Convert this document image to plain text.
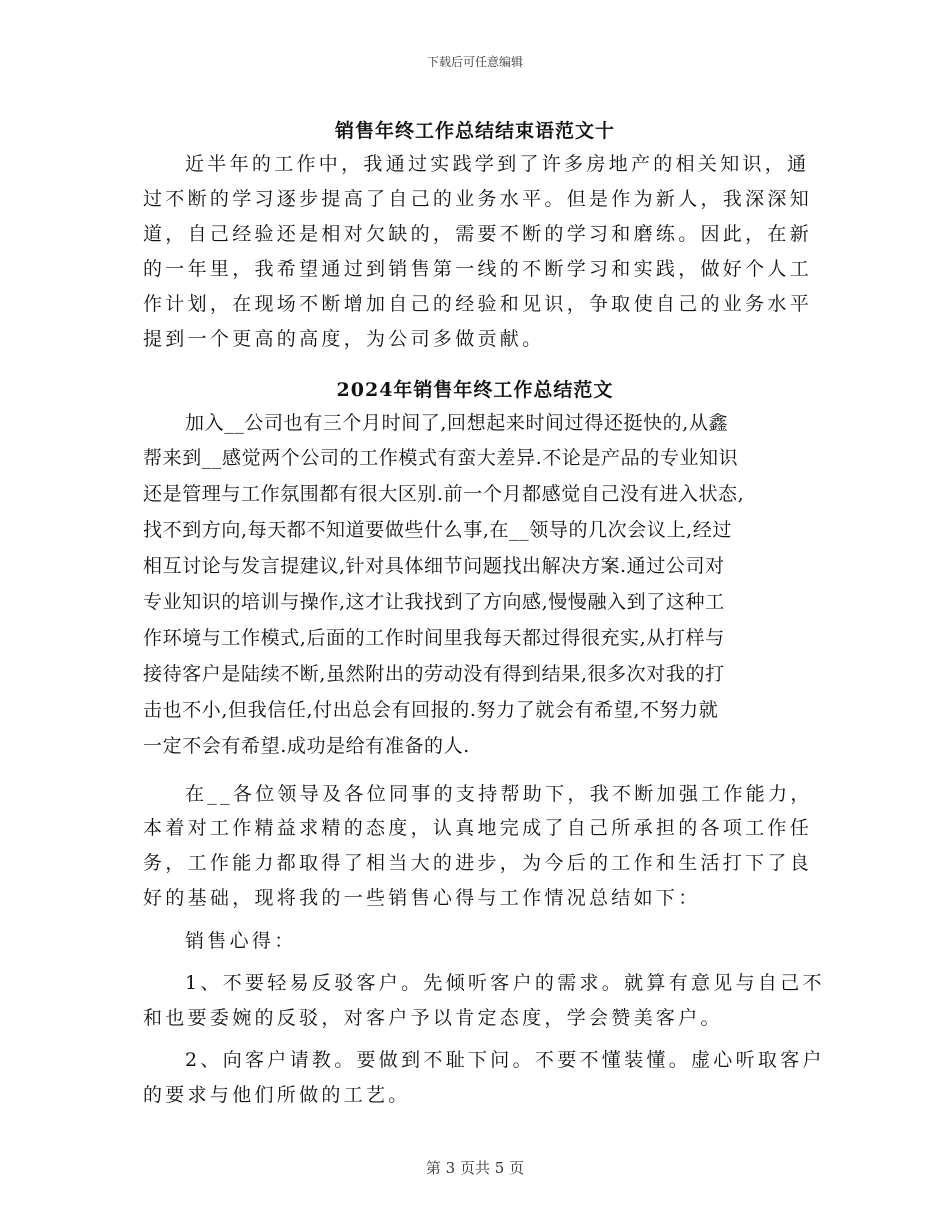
下载后可任意编辑
销售年终工作总结结束语范文十
近半年的工作中，我通过实践学到了许多房地产的相关知识，通
过不断的学习逐步提高了自己的业务水平。但是作为新人，我深深知
道，自己经验还是相对欠缺的，需要不断的学习和磨练。因此，在新
的一年里，我希望通过到销售第一线的不断学习和实践，做好个人工
作计划，在现场不断增加自己的经验和见识，争取使自己的业务水平
提到一个更高的高度，为公司多做贡献。
2024年销售年终工作总结范文
加入__公司也有三个月时间了,回想起来时间过得还挺快的,从鑫
帮来到__感觉两个公司的工作模式有蛮大差异.不论是产品的专业知识
还是管理与工作氛围都有很大区别.前一个月都感觉自己没有进入状态,
找不到方向,每天都不知道要做些什么事,在__领导的几次会议上,经过
相互讨论与发言提建议,针对具体细节问题找出解决方案.通过公司对
专业知识的培训与操作,这才让我找到了方向感,慢慢融入到了这种工
作环境与工作模式,后面的工作时间里我每天都过得很充实,从打样与
接待客户是陆续不断,虽然附出的劳动没有得到结果,很多次对我的打
击也不小,但我信任,付出总会有回报的.努力了就会有希望,不努力就
一定不会有希望.成功是给有准备的人.
在__各位领导及各位同事的支持帮助下，我不断加强工作能力，
本着对工作精益求精的态度，认真地完成了自己所承担的各项工作任
务，工作能力都取得了相当大的进步，为今后的工作和生活打下了良
好的基础，现将我的一些销售心得与工作情况总结如下：
销售心得：
1、不要轻易反驳客户。先倾听客户的需求。就算有意见与自己不
和也要委婉的反驳，对客户予以肯定态度，学会赞美客户。
2、向客户请教。要做到不耻下问。不要不懂装懂。虚心听取客户
的要求与他们所做的工艺。
第 3 页共 5 页
